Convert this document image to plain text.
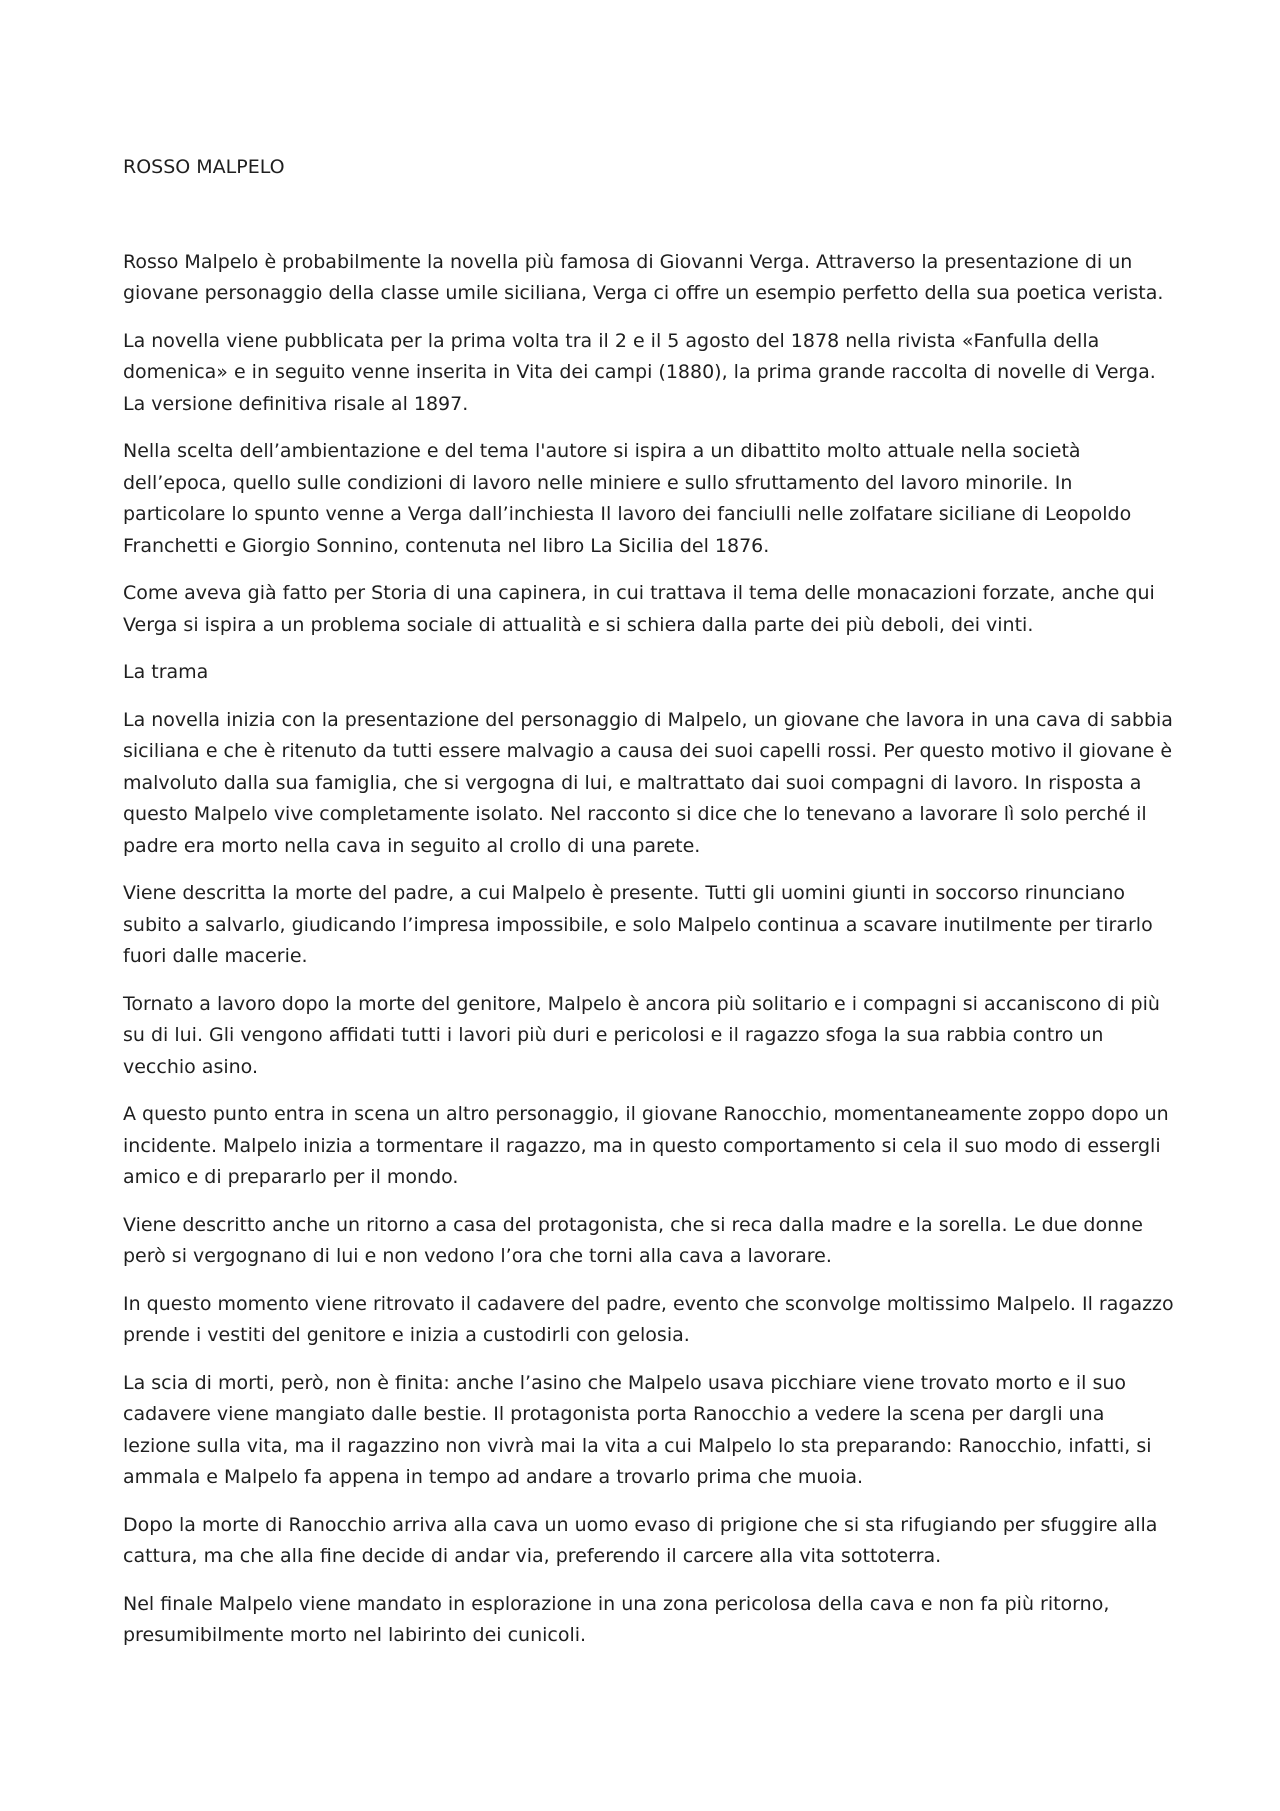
ROSSO MALPELO

Rosso Malpelo è probabilmente la novella più famosa di Giovanni Verga. Attraverso la presentazione di un giovane personaggio della classe umile siciliana, Verga ci offre un esempio perfetto della sua poetica verista.

La novella viene pubblicata per la prima volta tra il 2 e il 5 agosto del 1878 nella rivista «Fanfulla della domenica» e in seguito venne inserita in Vita dei campi (1880), la prima grande raccolta di novelle di Verga. La versione definitiva risale al 1897.

Nella scelta dell’ambientazione e del tema l'autore si ispira a un dibattito molto attuale nella società dell’epoca, quello sulle condizioni di lavoro nelle miniere e sullo sfruttamento del lavoro minorile. In particolare lo spunto venne a Verga dall’inchiesta Il lavoro dei fanciulli nelle zolfatare siciliane di Leopoldo Franchetti e Giorgio Sonnino, contenuta nel libro La Sicilia del 1876.

Come aveva già fatto per Storia di una capinera, in cui trattava il tema delle monacazioni forzate, anche qui Verga si ispira a un problema sociale di attualità e si schiera dalla parte dei più deboli, dei vinti.

La trama

La novella inizia con la presentazione del personaggio di Malpelo, un giovane che lavora in una cava di sabbia siciliana e che è ritenuto da tutti essere malvagio a causa dei suoi capelli rossi. Per questo motivo il giovane è malvoluto dalla sua famiglia, che si vergogna di lui, e maltrattato dai suoi compagni di lavoro. In risposta a questo Malpelo vive completamente isolato. Nel racconto si dice che lo tenevano a lavorare lì solo perché il padre era morto nella cava in seguito al crollo di una parete.

Viene descritta la morte del padre, a cui Malpelo è presente. Tutti gli uomini giunti in soccorso rinunciano subito a salvarlo, giudicando l’impresa impossibile, e solo Malpelo continua a scavare inutilmente per tirarlo fuori dalle macerie.

Tornato a lavoro dopo la morte del genitore, Malpelo è ancora più solitario e i compagni si accaniscono di più su di lui. Gli vengono affidati tutti i lavori più duri e pericolosi e il ragazzo sfoga la sua rabbia contro un vecchio asino.

A questo punto entra in scena un altro personaggio, il giovane Ranocchio, momentaneamente zoppo dopo un incidente. Malpelo inizia a tormentare il ragazzo, ma in questo comportamento si cela il suo modo di essergli amico e di prepararlo per il mondo.

Viene descritto anche un ritorno a casa del protagonista, che si reca dalla madre e la sorella. Le due donne però si vergognano di lui e non vedono l’ora che torni alla cava a lavorare.

In questo momento viene ritrovato il cadavere del padre, evento che sconvolge moltissimo Malpelo. Il ragazzo prende i vestiti del genitore e inizia a custodirli con gelosia.

La scia di morti, però, non è finita: anche l’asino che Malpelo usava picchiare viene trovato morto e il suo cadavere viene mangiato dalle bestie. Il protagonista porta Ranocchio a vedere la scena per dargli una lezione sulla vita, ma il ragazzino non vivrà mai la vita a cui Malpelo lo sta preparando: Ranocchio, infatti, si ammala e Malpelo fa appena in tempo ad andare a trovarlo prima che muoia.

Dopo la morte di Ranocchio arriva alla cava un uomo evaso di prigione che si sta rifugiando per sfuggire alla cattura, ma che alla fine decide di andar via, preferendo il carcere alla vita sottoterra.

Nel finale Malpelo viene mandato in esplorazione in una zona pericolosa della cava e non fa più ritorno, presumibilmente morto nel labirinto dei cunicoli.
